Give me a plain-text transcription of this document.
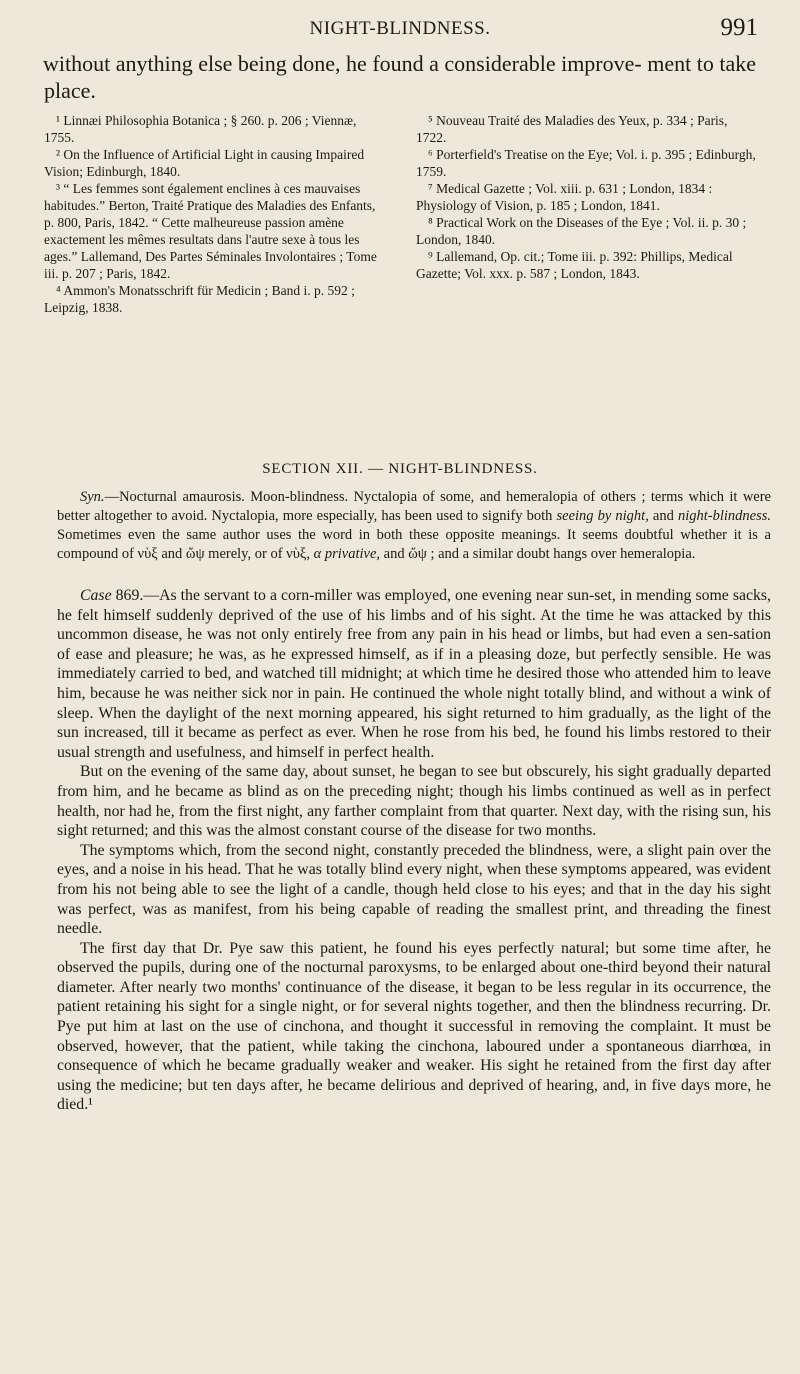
NIGHT-BLINDNESS.	991

without anything else being done, he found a considerable improve- ment to take place.

¹ Linnæi Philosophia Botanica ; § 260. p. 206 ; Viennæ, 1755.

² On the Influence of Artificial Light in causing Impaired Vision; Edinburgh, 1840.

³ “ Les femmes sont également enclines à ces mauvaises habitudes.” Berton, Traité Pratique des Maladies des Enfants, p. 800, Paris, 1842. “ Cette malheureuse passion amène exactement les mêmes resultats dans l'autre sexe à tous les ages.” Lallemand, Des Partes Séminales Involontaires ; Tome iii. p. 207 ; Paris, 1842.

⁴ Ammon's Monatsschrift für Medicin ; Band i. p. 592 ; Leipzig, 1838.

⁵ Nouveau Traité des Maladies des Yeux, p. 334 ; Paris, 1722.

⁶ Porterfield's Treatise on the Eye; Vol. i. p. 395 ; Edinburgh, 1759.

⁷ Medical Gazette ; Vol. xiii. p. 631 ; London, 1834 : Physiology of Vision, p. 185 ; London, 1841.

⁸ Practical Work on the Diseases of the Eye ; Vol. ii. p. 30 ; London, 1840.

⁹ Lallemand, Op. cit.; Tome iii. p. 392: Phillips, Medical Gazette; Vol. xxx. p. 587 ; London, 1843.

SECTION XII. — NIGHT-BLINDNESS.

Syn.—Nocturnal amaurosis. Moon-blindness. Nyctalopia of some, and hemeralopia of others ; terms which it were better altogether to avoid. Nyctalopia, more especially, has been used to signify both seeing by night, and night-blindness. Sometimes even the same author uses the word in both these opposite meanings. It seems doubtful whether it is a compound of νὺξ and ὤψ merely, or of νὺξ, α privative, and ὤψ ; and a similar doubt hangs over hemeralopia.

Case 869.—As the servant to a corn-miller was employed, one evening near sun-set, in mending some sacks, he felt himself suddenly deprived of the use of his limbs and of his sight. At the time he was attacked by this uncommon disease, he was not only entirely free from any pain in his head or limbs, but had even a sen-sation of ease and pleasure; he was, as he expressed himself, as if in a pleasing doze, but perfectly sensible. He was immediately carried to bed, and watched till midnight; at which time he desired those who attended him to leave him, because he was neither sick nor in pain. He continued the whole night totally blind, and without a wink of sleep. When the daylight of the next morning appeared, his sight returned to him gradually, as the light of the sun increased, till it became as perfect as ever. When he rose from his bed, he found his limbs restored to their usual strength and usefulness, and himself in perfect health.

But on the evening of the same day, about sunset, he began to see but obscurely, his sight gradually departed from him, and he became as blind as on the preceding night; though his limbs continued as well as in perfect health, nor had he, from the first night, any farther complaint from that quarter. Next day, with the rising sun, his sight returned; and this was the almost constant course of the disease for two months.

The symptoms which, from the second night, constantly preceded the blindness, were, a slight pain over the eyes, and a noise in his head. That he was totally blind every night, when these symptoms appeared, was evident from his not being able to see the light of a candle, though held close to his eyes; and that in the day his sight was perfect, was as manifest, from his being capable of reading the smallest print, and threading the finest needle.

The first day that Dr. Pye saw this patient, he found his eyes perfectly natural; but some time after, he observed the pupils, during one of the nocturnal paroxysms, to be enlarged about one-third beyond their natural diameter. After nearly two months' continuance of the disease, it began to be less regular in its occurrence, the patient retaining his sight for a single night, or for several nights together, and then the blindness recurring. Dr. Pye put him at last on the use of cinchona, and thought it successful in removing the complaint. It must be observed, however, that the patient, while taking the cinchona, laboured under a spontaneous diarrhœa, in consequence of which he became gradually weaker and weaker. His sight he retained from the first day after using the medicine; but ten days after, he became delirious and deprived of hearing, and, in five days more, he died.¹
